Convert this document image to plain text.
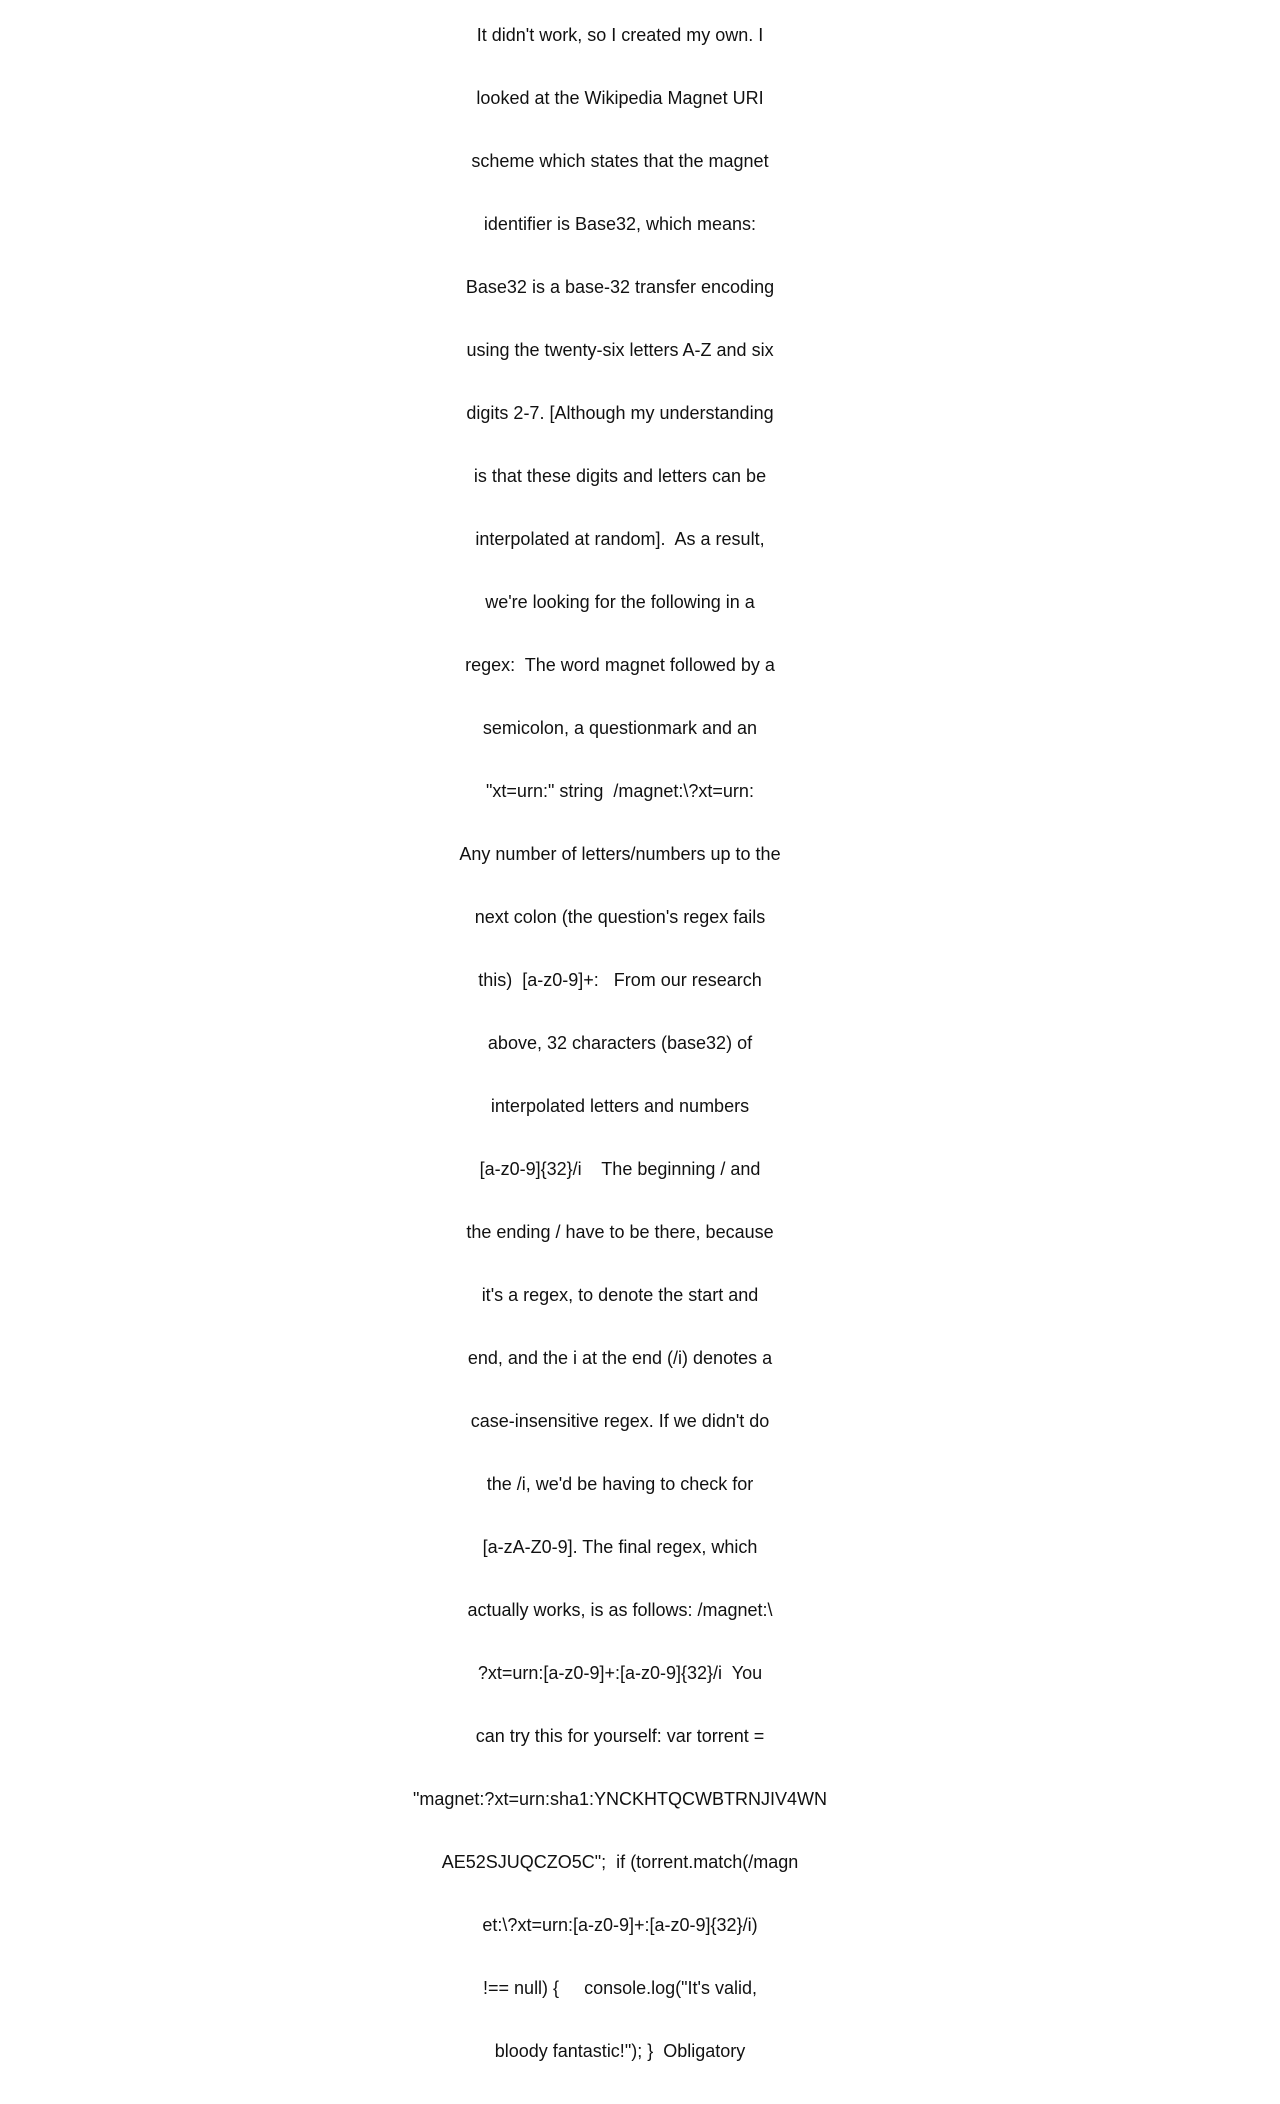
It didn't work, so I created my own. I

looked at the Wikipedia Magnet URI

scheme which states that the magnet

identifier is Base32, which means:

Base32 is a base-32 transfer encoding

using the twenty-six letters A-Z and six

digits 2-7. [Although my understanding

is that these digits and letters can be

interpolated at random].  As a result,

we're looking for the following in a

regex:  The word magnet followed by a

semicolon, a questionmark and an

"xt=urn:" string  /magnet:\?xt=urn:

Any number of letters/numbers up to the

next colon (the question's regex fails

this)  [a-z0-9]+:   From our research

above, 32 characters (base32) of

interpolated letters and numbers

[a-z0-9]{32}/i    The beginning / and

the ending / have to be there, because

it's a regex, to denote the start and

end, and the i at the end (/i) denotes a

case-insensitive regex. If we didn't do

the /i, we'd be having to check for

[a-zA-Z0-9]. The final regex, which

actually works, is as follows: /magnet:\

?xt=urn:[a-z0-9]+:[a-z0-9]{32}/i  You

can try this for yourself: var torrent =

"magnet:?xt=urn:sha1:YNCKHTQCWBTRNJIV4WN

AE52SJUQCZO5C";  if (torrent.match(/magn

et:\?xt=urn:[a-z0-9]+:[a-z0-9]{32}/i)

!== null) {     console.log("It's valid,

bloody fantastic!"); }  Obligatory
